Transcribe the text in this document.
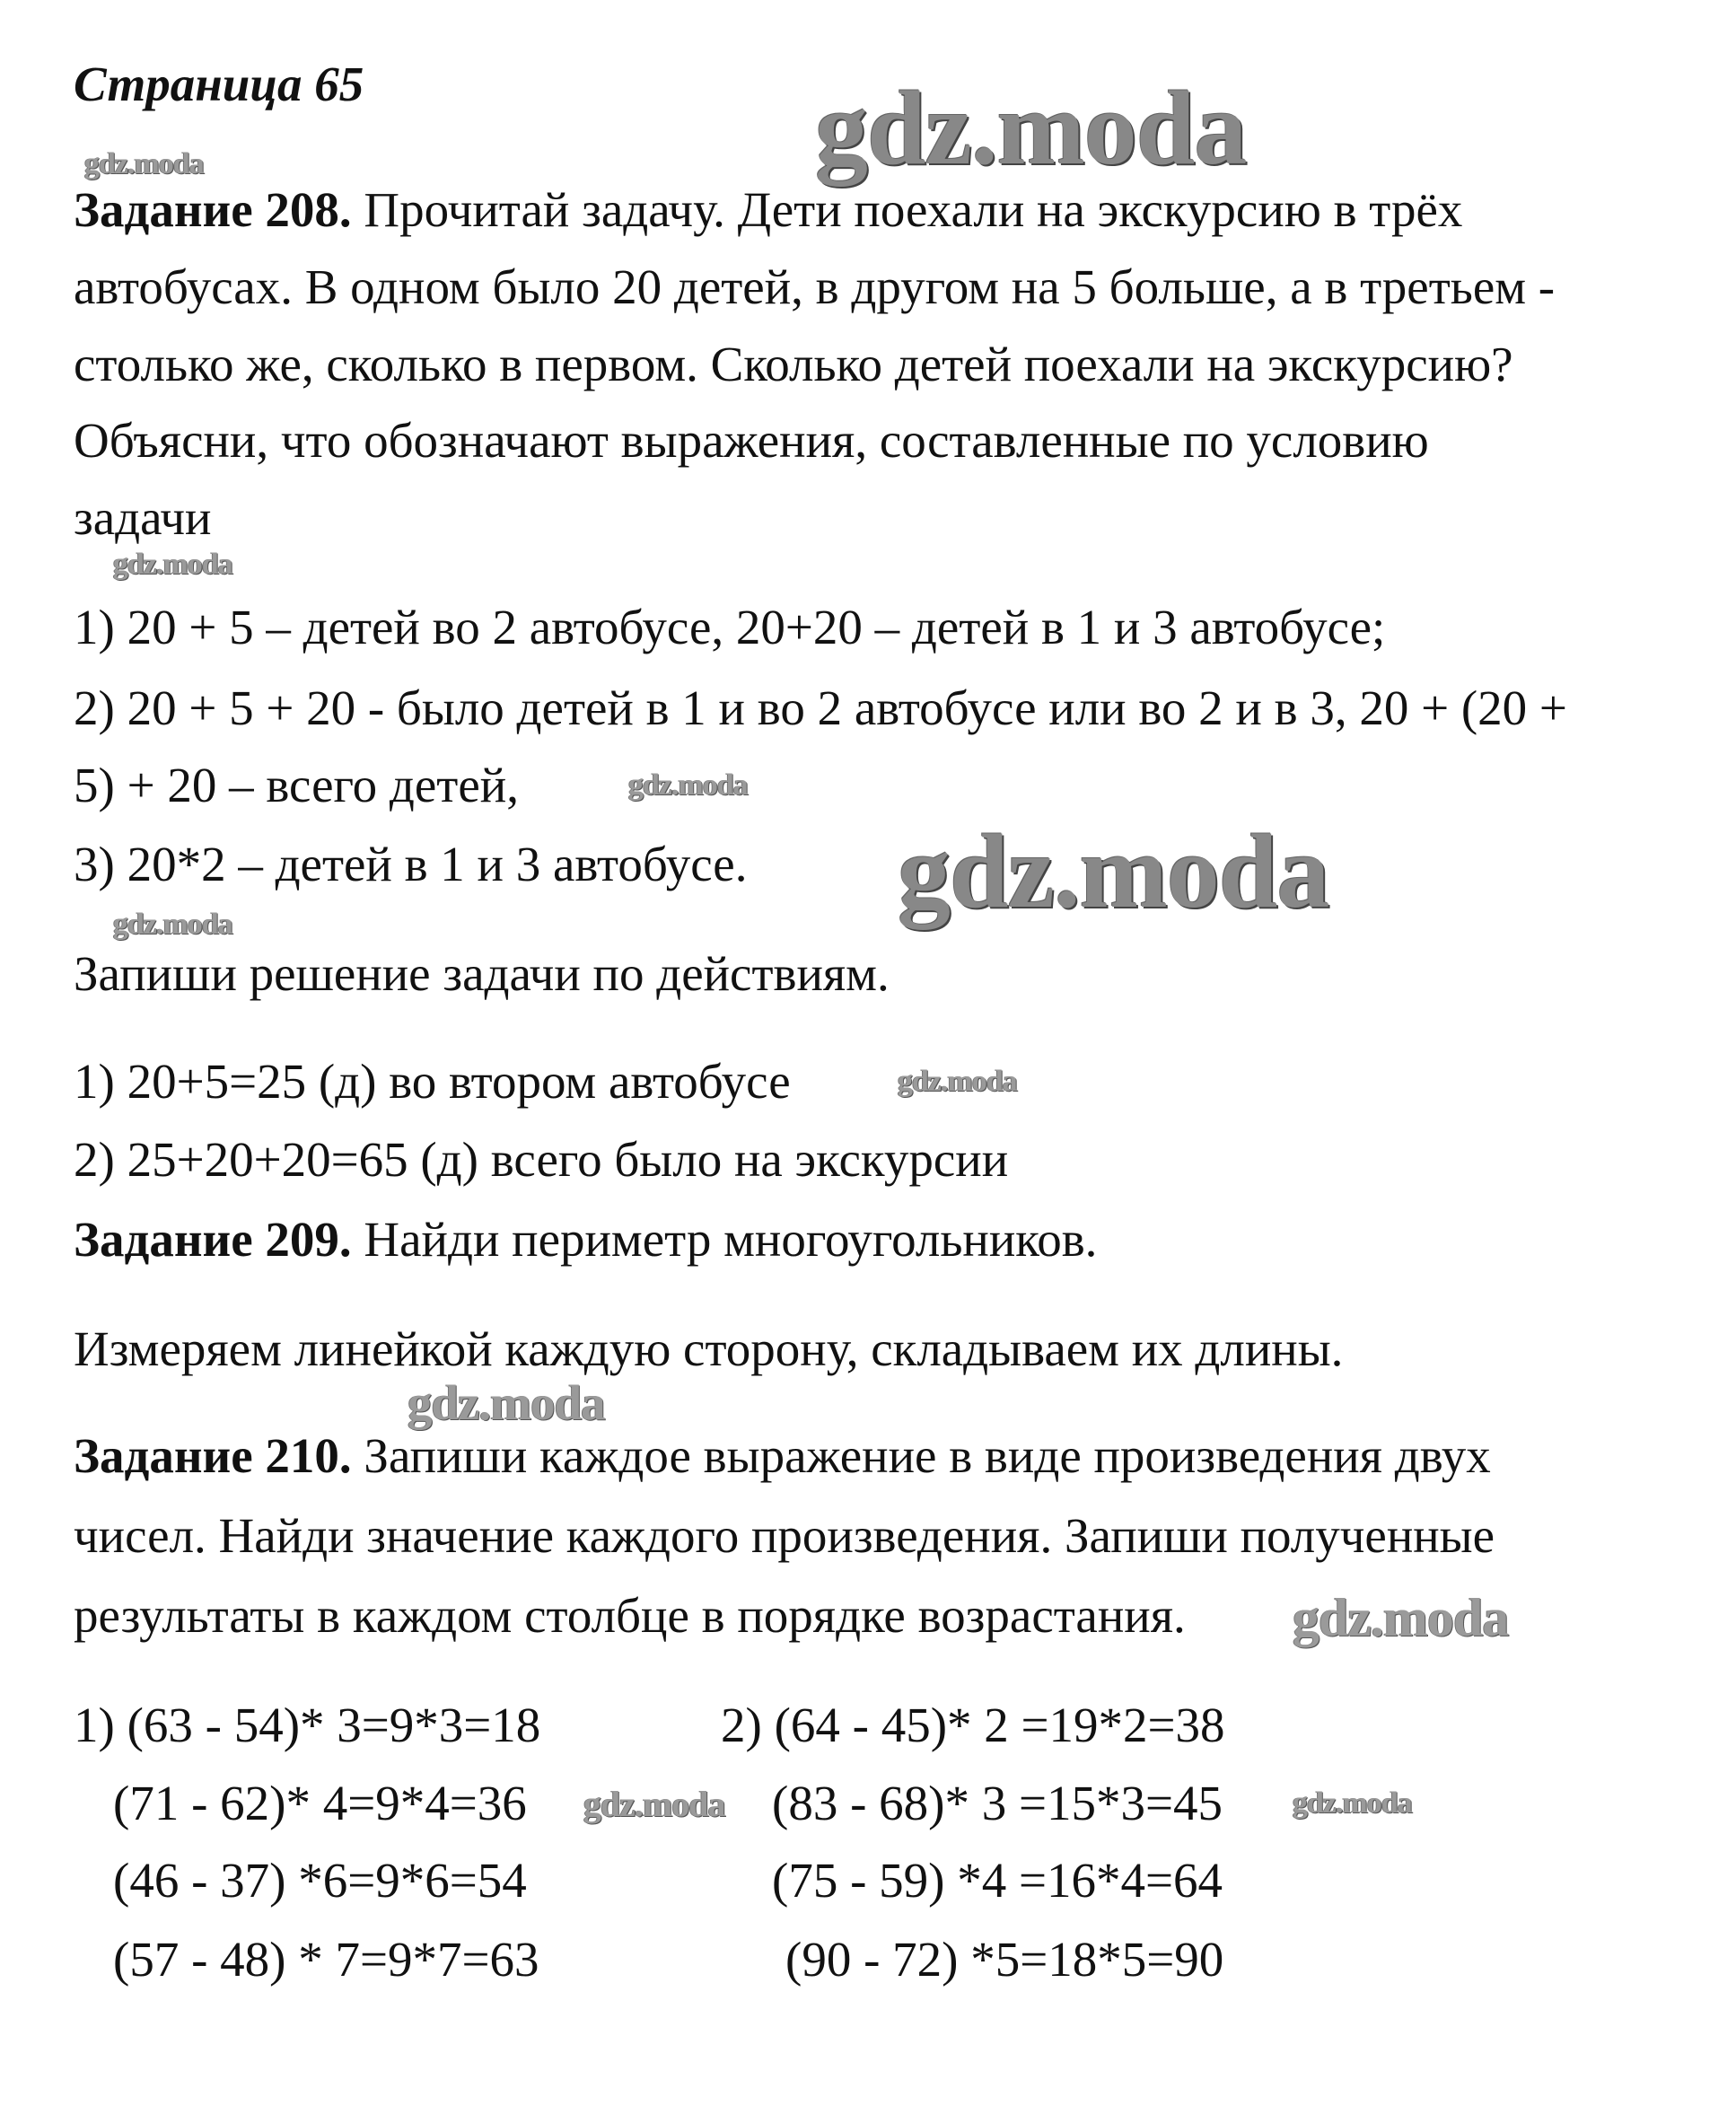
gdz.moda
gdz.moda
gdz.moda
gdz.moda
gdz.moda
gdz.moda
gdz.moda
gdz.moda
gdz.moda
gdz.moda	gdz.moda
Страница 65
Задание 208. Прочитай задачу. Дети поехали на экскурсию в трёх
автобусах. В одном было 20 детей, в другом на 5 больше, а в третьем -
столько же, сколько в первом. Сколько детей поехали на экскурсию?
Объясни, что обозначают выражения, составленные по условию
задачи
1) 20 + 5 – детей во 2 автобусе, 20+20 – детей в 1 и 3 автобусе;
2) 20 + 5 + 20 - было детей в 1 и во 2 автобусе или во 2 и в 3, 20 + (20 +
5) + 20 – всего детей,
3) 20*2 – детей в 1 и 3 автобусе.
Запиши решение задачи по действиям.
1) 20+5=25 (д) во втором автобусе
2) 25+20+20=65 (д) всего было на экскурсии
Задание 209. Найди периметр многоугольников.
Измеряем линейкой каждую сторону, складываем их длины.
Задание 210. Запиши каждое выражение в виде произведения двух
чисел. Найди значение каждого произведения. Запиши полученные
результаты в каждом столбце в порядке возрастания.
1) (63 - 54)* 3=9*3=18
(71 - 62)* 4=9*4=36
(46 - 37) *6=9*6=54
(57 - 48) * 7=9*7=63
2) (64 - 45)* 2 =19*2=38
(83 - 68)* 3 =15*3=45
(75 - 59) *4 =16*4=64
(90 - 72) *5=18*5=90
